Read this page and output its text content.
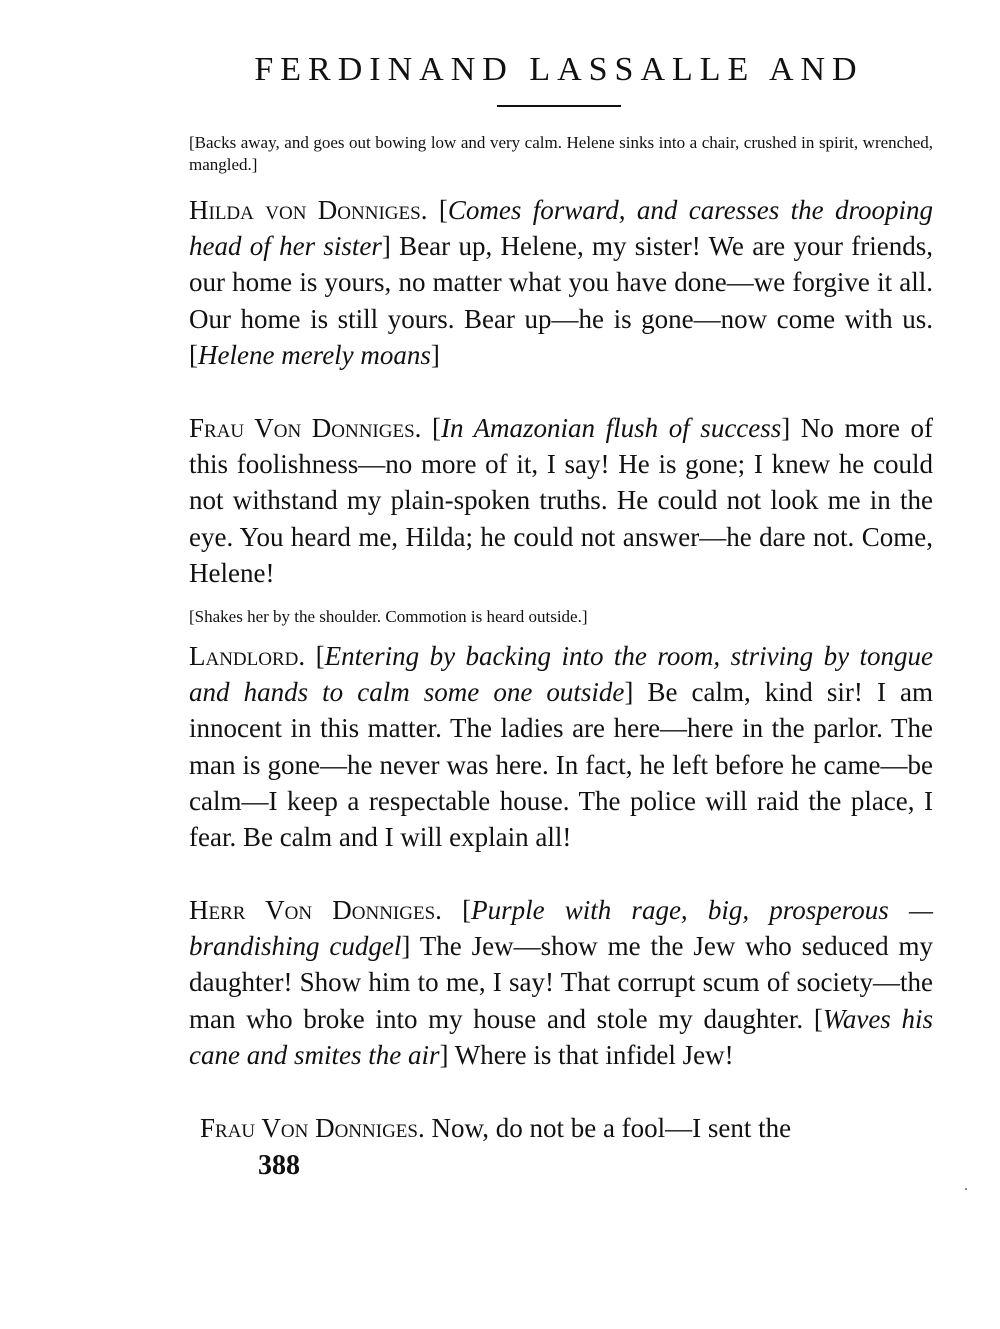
FERDINAND LASSALLE AND
[Backs away, and goes out bowing low and very calm. Helene sinks into a chair, crushed in spirit, wrenched, mangled.]
Hilda von Donniges. [Comes forward, and caresses the drooping head of her sister] Bear up, Helene, my sister! We are your friends, our home is yours, no matter what you have done—we forgive it all. Our home is still yours. Bear up—he is gone—now come with us. [Helene merely moans]
Frau Von Donniges. [In Amazonian flush of success] No more of this foolishness—no more of it, I say! He is gone; I knew he could not withstand my plain-spoken truths. He could not look me in the eye. You heard me, Hilda; he could not answer—he dare not. Come, Helene!
[Shakes her by the shoulder. Commotion is heard outside.]
Landlord. [Entering by backing into the room, striving by tongue and hands to calm some one outside] Be calm, kind sir! I am innocent in this matter. The ladies are here—here in the parlor. The man is gone—he never was here. In fact, he left before he came—be calm—I keep a respectable house. The police will raid the place, I fear. Be calm and I will explain all!
Herr Von Donniges. [Purple with rage, big, prosperous —brandishing cudgel] The Jew—show me the Jew who seduced my daughter! Show him to me, I say! That corrupt scum of society—the man who broke into my house and stole my daughter. [Waves his cane and smites the air] Where is that infidel Jew!
Frau Von Donniges. Now, do not be a fool—I sent the
388
